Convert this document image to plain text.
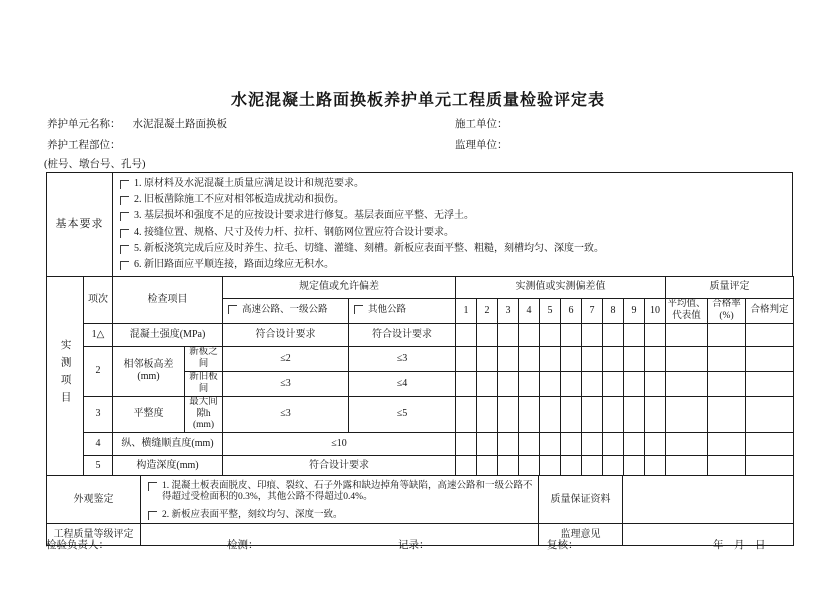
水泥混凝土路面换板养护单元工程质量检验评定表
养护单元名称： 水泥混凝土路面换板	施工单位：
养护工程部位：	监理单位：
(桩号、墩台号、孔号)
基本要求	
1. 原材料及水泥混凝土质量应满足设计和规范要求。
2. 旧板凿除施工不应对相邻板造成扰动和损伤。
3. 基层损坏和强度不足的应按设计要求进行修复。基层表面应平整、无浮土。
4. 接缝位置、规格、尺寸及传力杆、拉杆、钢筋网位置应符合设计要求。
5. 新板浇筑完成后应及时养生、拉毛、切缝、灌缝、刻槽。新板应表面平整、粗糙，刻槽均匀、深度一致。
6. 新旧路面应平顺连接，路面边缘应无积水。
实测项目	项次	检查项目		规定值或允许偏差		实测值或实测偏差值										质量评定		
				高速公路、一级公路	其他公路	1	2	3	4	5	6	7	8	9	10	平均值、代表值	合格率(%)	合格判定
	1△	混凝土强度(MPa)		符合设计要求	符合设计要求													
	2	相邻板高差(mm)	新板之间	≤2	≤3													
			新旧板间	≤3	≤4													
	3	平整度	最大间隙h (mm)	≤3	≤5													
	4	纵、横缝顺直度(mm)		≤10														
	5	构造深度(mm)		符合设计要求														
外观鉴定	1. 混凝土板表面脱皮、印痕、裂纹、石子外露和缺边掉角等缺陷，高速公路和一级公路不得超过受检面积的0.3%，其他公路不得超过0.4%。
2. 新板应表面平整，刻纹均匀、深度一致。	质量保证资料	
工程质量等级评定		监理意见	
检验负责人：	检测：	记录：	复核：	年　月　日
